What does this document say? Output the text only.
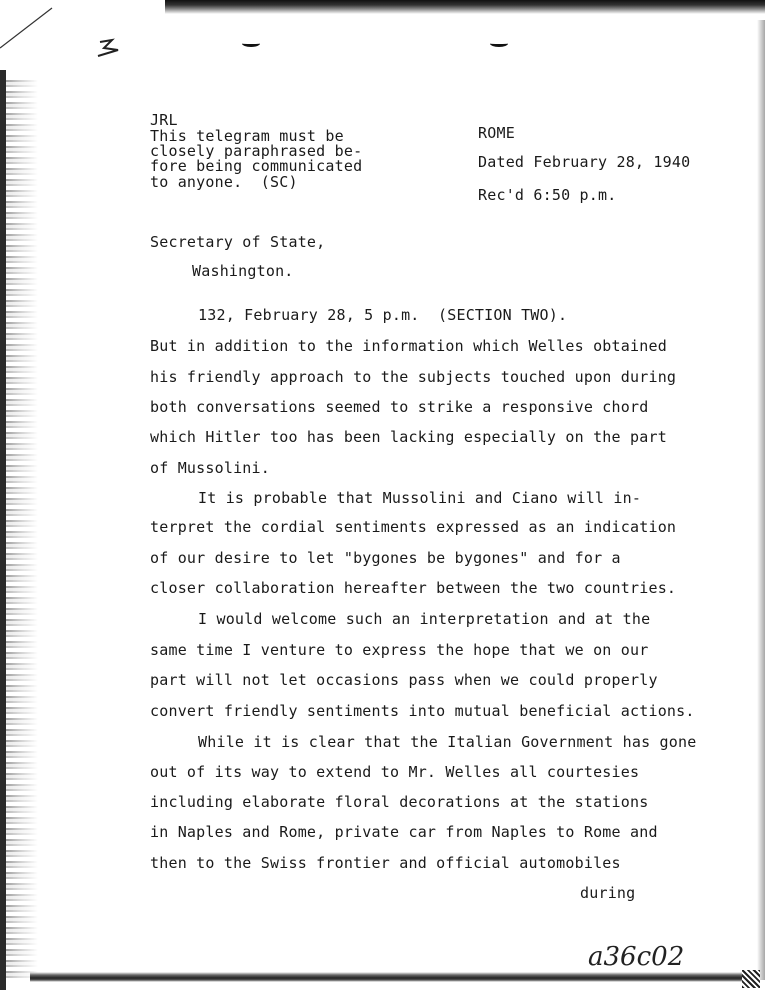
JRL
This telegram must be
closely paraphrased be-
fore being communicated
to anyone.  (SC)
ROME
Dated February 28, 1940
Rec'd 6:50 p.m.
Secretary of State,
Washington.
132, February 28, 5 p.m.  (SECTION TWO).
But in addition to the information which Welles obtained
his friendly approach to the subjects touched upon during
both conversations seemed to strike a responsive chord
which Hitler too has been lacking especially on the part
of Mussolini.
It is probable that Mussolini and Ciano will in-
terpret the cordial sentiments expressed as an indication
of our desire to let "bygones be bygones" and for a
closer collaboration hereafter between the two countries.
I would welcome such an interpretation and at the
same time I venture to express the hope that we on our
part will not let occasions pass when we could properly
convert friendly sentiments into mutual beneficial actions.
While it is clear that the Italian Government has gone
out of its way to extend to Mr. Welles all courtesies
including elaborate floral decorations at the stations
in Naples and Rome, private car from Naples to Rome and
then to the Swiss frontier and official automobiles
during
a36c02
